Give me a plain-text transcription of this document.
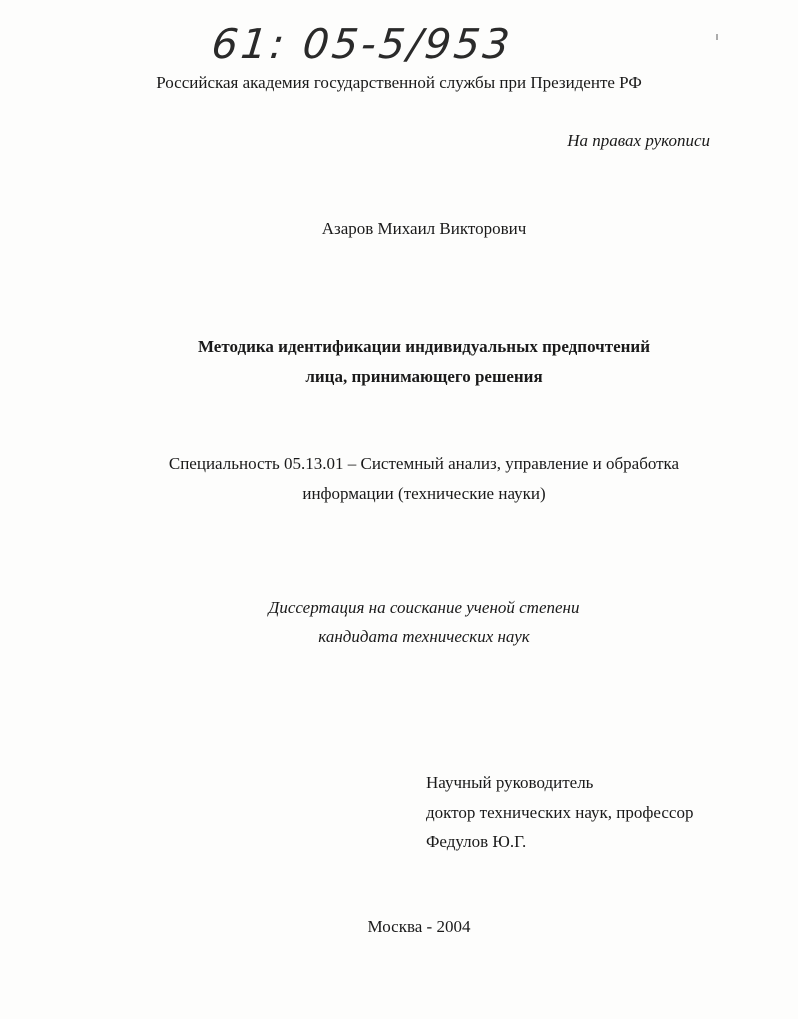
61: 05-5/953
Российская академия государственной службы при Президенте РФ
На правах рукописи
Азаров Михаил Викторович
Методика идентификации индивидуальных предпочтений
лица, принимающего решения
Специальность 05.13.01 – Системный анализ, управление и обработка
информации (технические науки)
Диссертация на соискание ученой степени
кандидата технических наук
Научный руководитель
доктор технических наук, профессор
Федулов Ю.Г.
Москва - 2004
